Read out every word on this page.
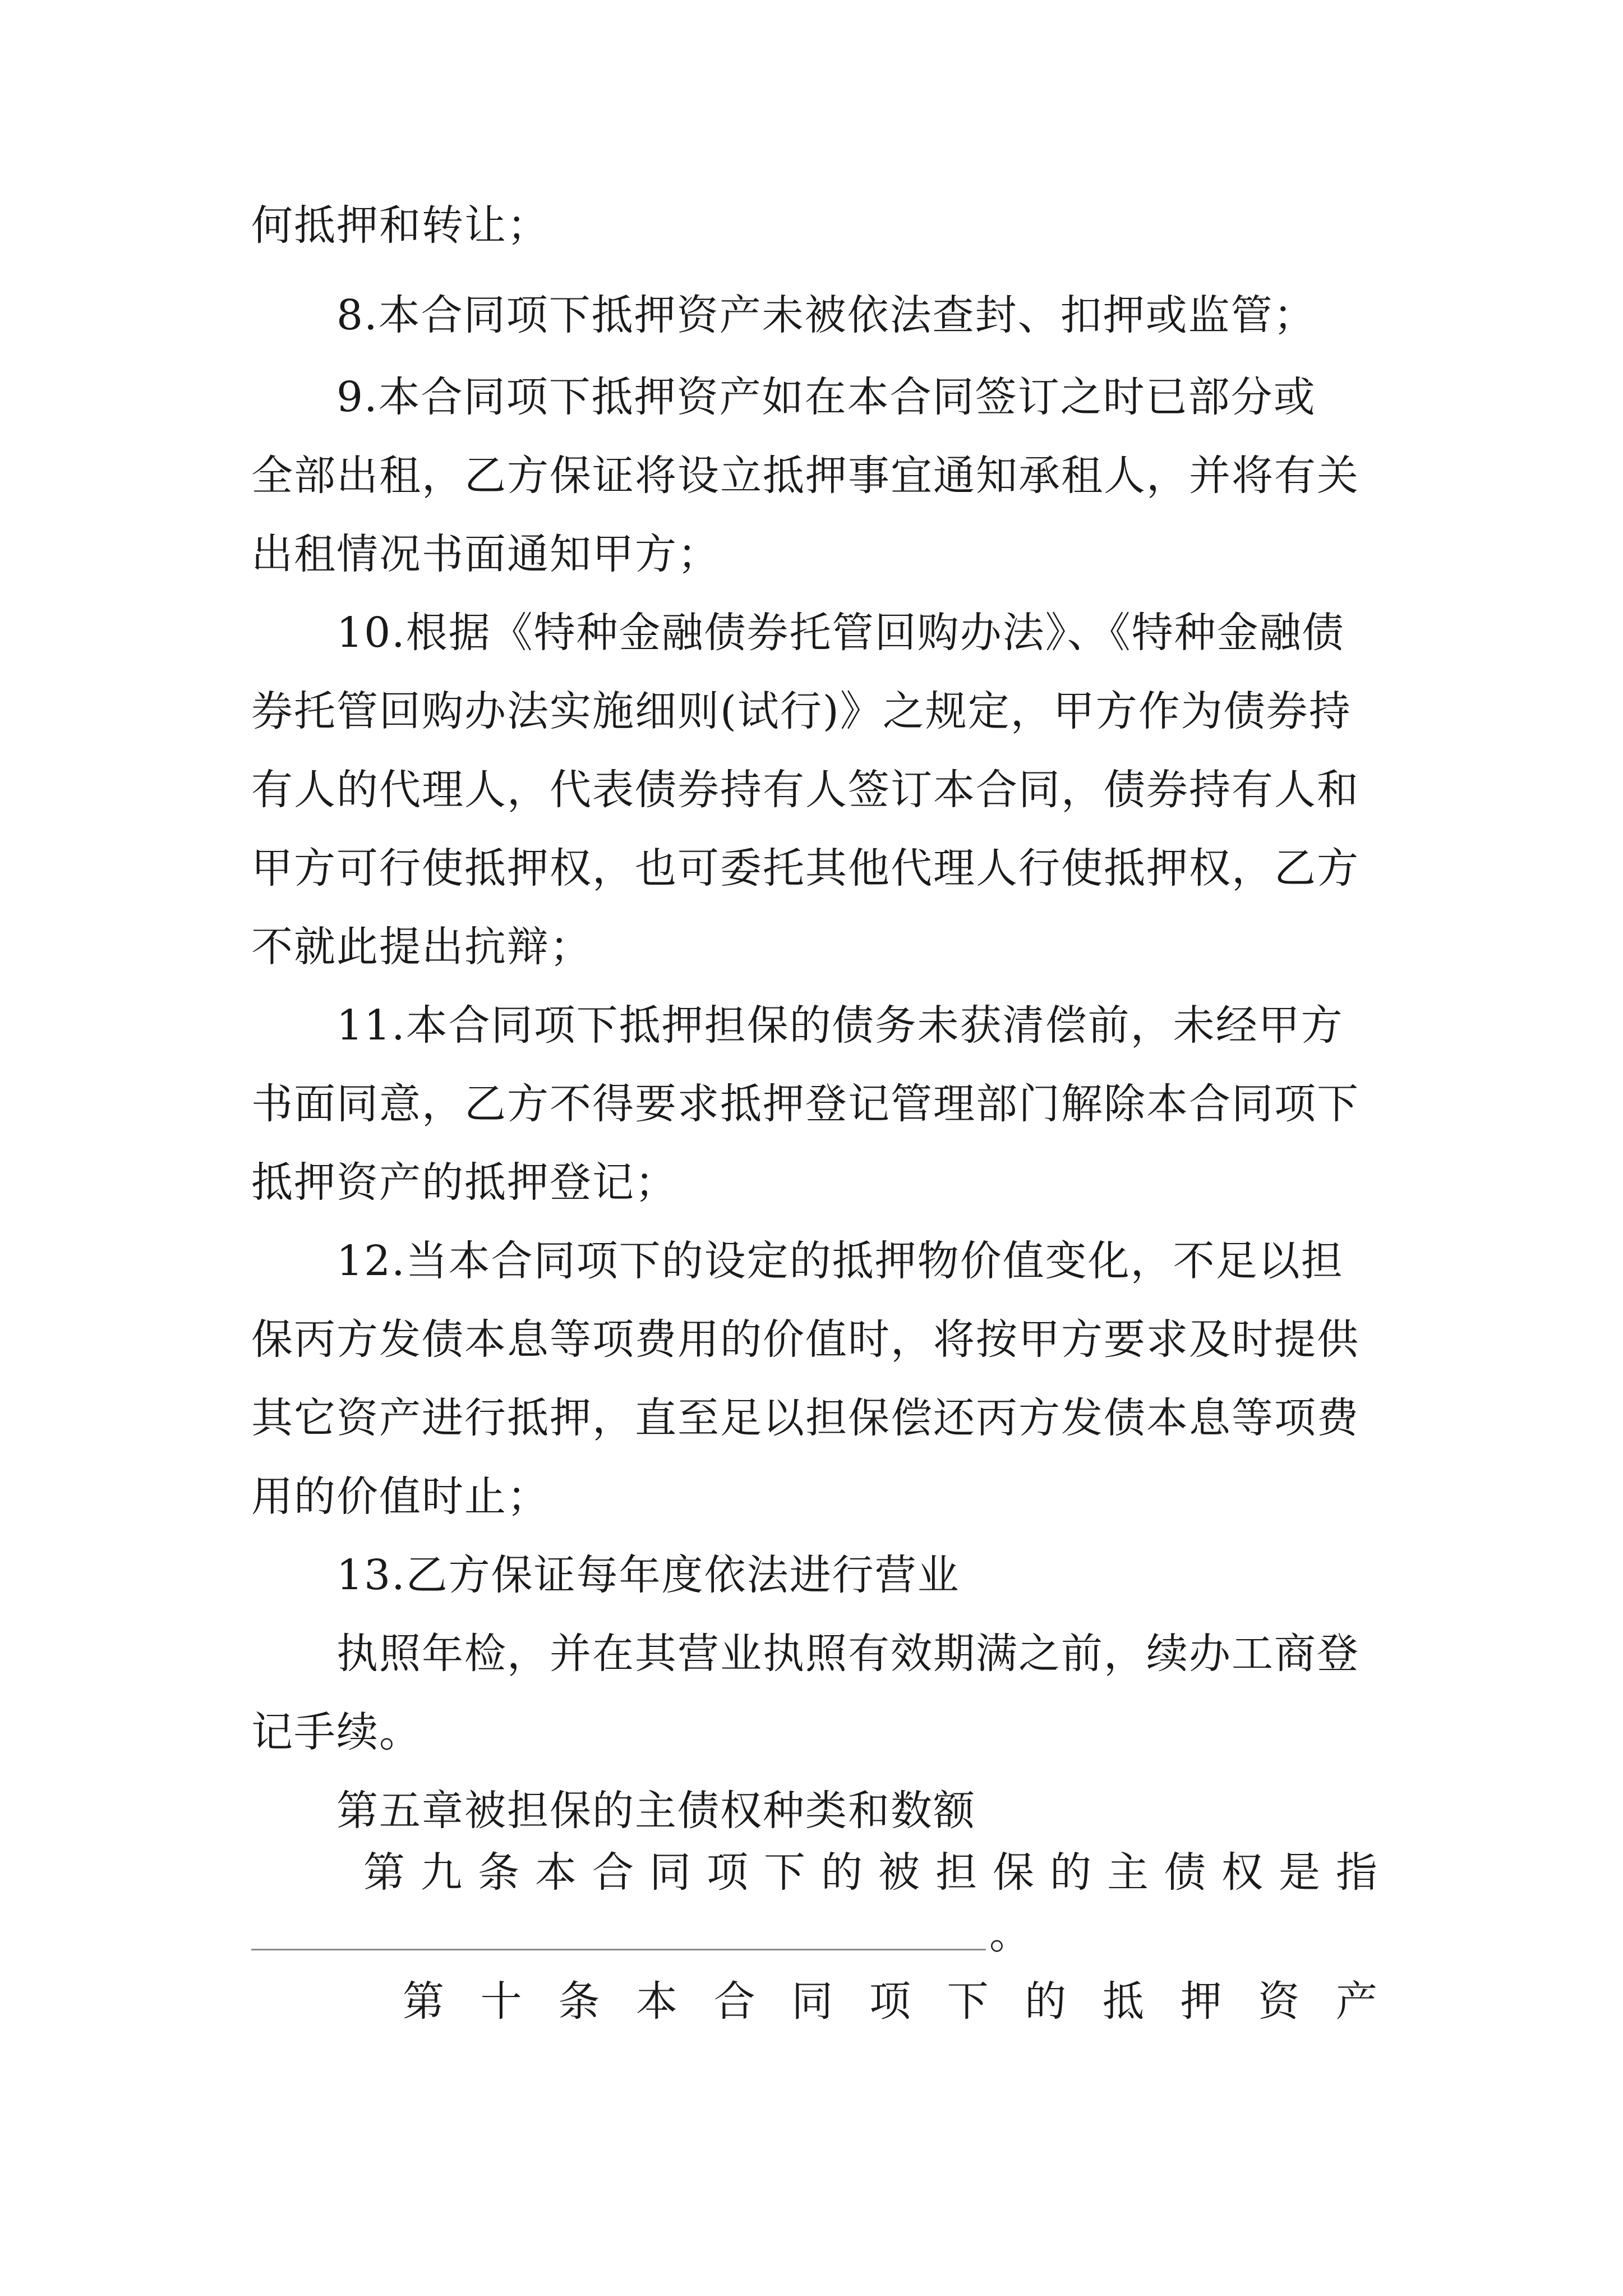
何抵押和转让；
8.本合同项下抵押资产未被依法查封、扣押或监管；
9.本合同项下抵押资产如在本合同签订之时已部分或
全部出租，乙方保证将设立抵押事宜通知承租人，并将有关
出租情况书面通知甲方；
10.根据《特种金融债券托管回购办法》、《特种金融债
券托管回购办法实施细则(试行)》之规定，甲方作为债券持
有人的代理人，代表债券持有人签订本合同，债券持有人和
甲方可行使抵押权，也可委托其他代理人行使抵押权，乙方
不就此提出抗辩；
11.本合同项下抵押担保的债务未获清偿前，未经甲方
书面同意，乙方不得要求抵押登记管理部门解除本合同项下
抵押资产的抵押登记；
12.当本合同项下的设定的抵押物价值变化，不足以担
保丙方发债本息等项费用的价值时，将按甲方要求及时提供
其它资产进行抵押，直至足以担保偿还丙方发债本息等项费
用的价值时止；
13.乙方保证每年度依法进行营业
执照年检，并在其营业执照有效期满之前，续办工商登
记手续。
第五章被担保的主债权种类和数额
第 九 条 本 合 同 项 下 的 被 担 保 的 主 债 权 是 指
。
第 十 条 本 合 同 项 下 的 抵 押 资 产
